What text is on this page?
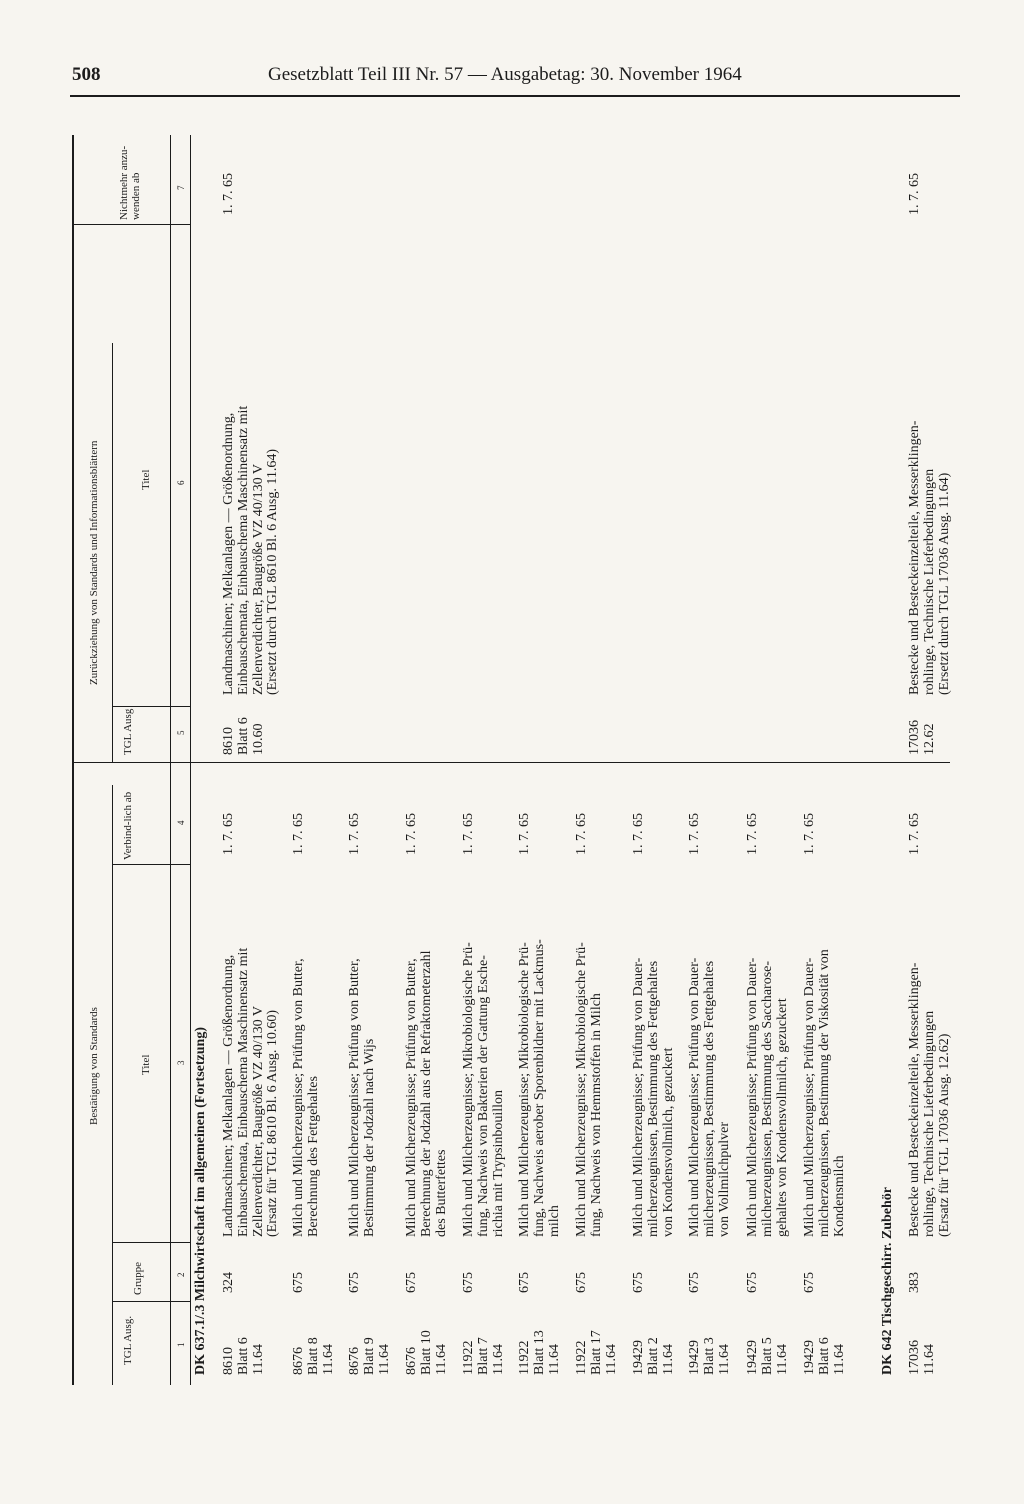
508	Gesetzblatt Teil III Nr. 57 — Ausgabetag: 30. November 1964
Bestätigung von Standards
Zurückziehung von Standards und Informationsblättern
TGL Ausg.
Gruppe
Titel
Verbind-lich ab
TGL Ausg
Titel
Nichtmehr anzu-wenden ab
1
2
3
4
5
6
7
DK 637.1/.3 Milchwirtschaft im allgemeinen (Fortsetzung)	DK 642 Tischgeschirr. Zubehör
8610 Blatt 6 11.64
324
Landmaschinen; Melkanlagen — Größenordnung, Einbauschemata, Einbauschema Maschinensatz mit Zellenverdichter, Baugröße VZ 40/130 V (Ersatz für TGL 8610 Bl. 6 Ausg. 10.60)
1. 7. 65
8610 Blatt 6 10.60
Landmaschinen; Melkanlagen — Größenordnung, Einbauschemata, Einbauschema Maschinensatz mit Zellenverdichter, Baugröße VZ 40/130 V (Ersetzt durch TGL 8610 Bl. 6 Ausg. 11.64)
1. 7. 65
8676 Blatt 8 11.64
675
Milch und Milcherzeugnisse; Prüfung von Butter, Berechnung des Fettgehaltes
1. 7. 65
8676 Blatt 9 11.64
675
Milch und Milcherzeugnisse; Prüfung von Butter, Bestimmung der Jodzahl nach Wijs
1. 7. 65
8676 Blatt 10 11.64
675
Milch und Milcherzeugnisse; Prüfung von Butter, Berechnung der Jodzahl aus der Refraktometerzahl des Butterfettes
1. 7. 65
11922 Blatt 7 11.64
675
Milch und Milcherzeugnisse; Mikrobiologische Prü- fung, Nachweis von Bakterien der Gattung Esche- richia mit Trypsinbouillon
1. 7. 65
11922 Blatt 13 11.64
675
Milch und Milcherzeugnisse; Mikrobiologische Prü- fung, Nachweis aerober Sporenbildner mit Lackmus- milch
1. 7. 65
11922 Blatt 17 11.64
675
Milch und Milcherzeugnisse; Mikrobiologische Prü- fung, Nachweis von Hemmstoffen in Milch
1. 7. 65
19429 Blatt 2 11.64
675
Milch und Milcherzeugnisse; Prüfung von Dauer- milcherzeugnissen, Bestimmung des Fettgehaltes von Kondensvollmilch, gezuckert
1. 7. 65
19429 Blatt 3 11.64
675
Milch und Milcherzeugnisse; Prüfung von Dauer- milcherzeugnissen, Bestimmung des Fettgehaltes von Vollmilchpulver
1. 7. 65
19429 Blatt 5 11.64
675
Milch und Milcherzeugnisse; Prüfung von Dauer- milcherzeugnissen, Bestimmung des Saccharose- gehaltes von Kondensvollmilch, gezuckert
1. 7. 65
19429 Blatt 6 11.64
675
Milch und Milcherzeugnisse; Prüfung von Dauer- milcherzeugnissen, Bestimmung der Viskosität von Kondensmilch
1. 7. 65
17036 11.64
383
Bestecke und Besteckeinzelteile, Messerklingen- rohlinge, Technische Lieferbedingungen (Ersatz für TGL 17036 Ausg. 12.62)
1. 7. 65
17036 12.62
Bestecke und Besteckeinzelteile, Messerklingen- rohlinge, Technische Lieferbedingungen (Ersetzt durch TGL 17036 Ausg. 11.64)
1. 7. 65
